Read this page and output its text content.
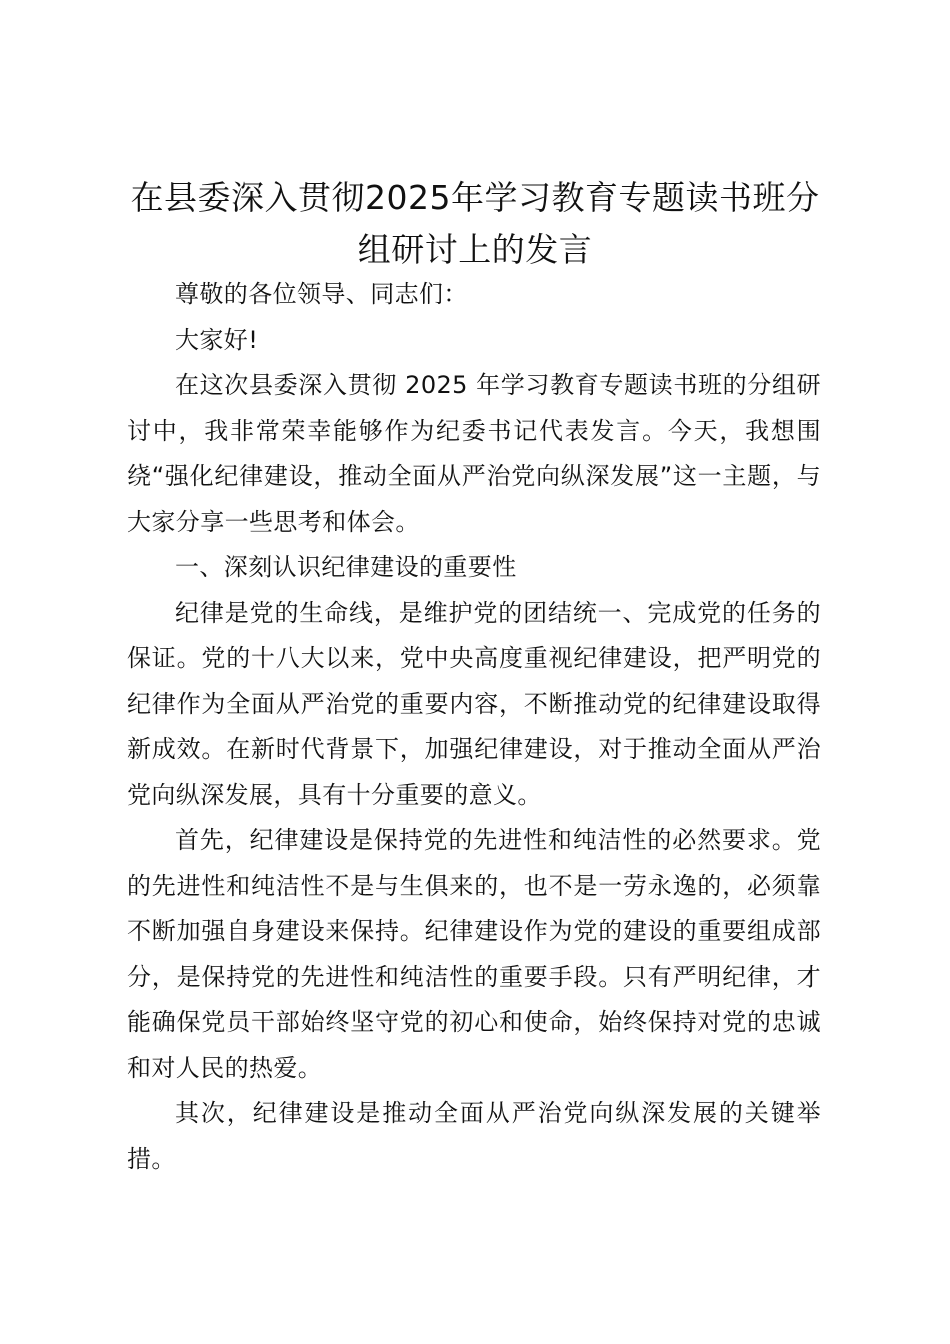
在县委深入贯彻2025年学习教育专题读书班分组研讨上的发言

尊敬的各位领导、同志们：

大家好!

在这次县委深入贯彻 2025 年学习教育专题读书班的分组研讨中，我非常荣幸能够作为纪委书记代表发言。今天，我想围绕“强化纪律建设，推动全面从严治党向纵深发展”这一主题，与大家分享一些思考和体会。

一、深刻认识纪律建设的重要性

纪律是党的生命线，是维护党的团结统一、完成党的任务的保证。党的十八大以来，党中央高度重视纪律建设，把严明党的纪律作为全面从严治党的重要内容，不断推动党的纪律建设取得新成效。在新时代背景下，加强纪律建设，对于推动全面从严治党向纵深发展，具有十分重要的意义。

首先，纪律建设是保持党的先进性和纯洁性的必然要求。党的先进性和纯洁性不是与生俱来的，也不是一劳永逸的，必须靠不断加强自身建设来保持。纪律建设作为党的建设的重要组成部分，是保持党的先进性和纯洁性的重要手段。只有严明纪律，才能确保党员干部始终坚守党的初心和使命，始终保持对党的忠诚和对人民的热爱。

其次，纪律建设是推动全面从严治党向纵深发展的关键举措。
